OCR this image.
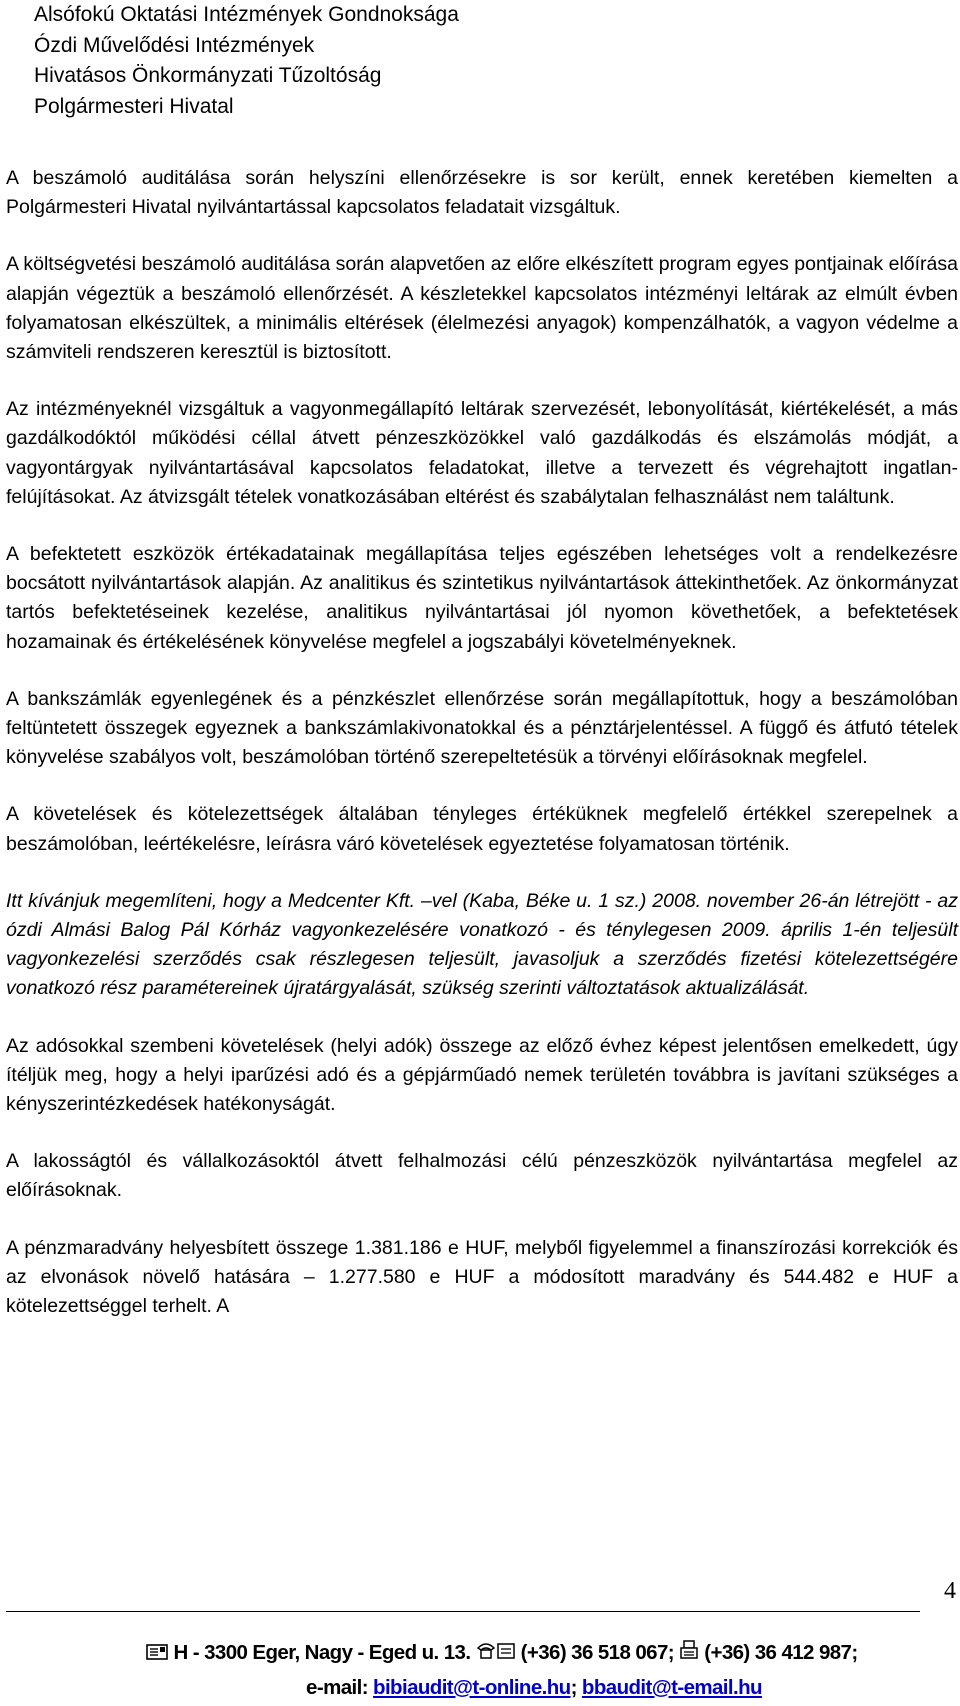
Alsófokú Oktatási Intézmények Gondnoksága
Ózdi Művelődési Intézmények
Hivatásos Önkormányzati Tűzoltóság
Polgármesteri Hivatal

A beszámoló auditálása során helyszíni ellenőrzésekre is sor került, ennek keretében kiemelten a Polgármesteri Hivatal nyilvántartással kapcsolatos feladatait vizsgáltuk.

A költségvetési beszámoló auditálása során alapvetően az előre elkészített program egyes pontjainak előírása alapján végeztük a beszámoló ellenőrzését. A készletekkel kapcsolatos intézményi leltárak az elmúlt évben folyamatosan elkészültek, a minimális eltérések (élelmezési anyagok) kompenzálhatók, a vagyon védelme a számviteli rendszeren keresztül is biztosított.

Az intézményeknél vizsgáltuk a vagyonmegállapító leltárak szervezését, lebonyolítását, kiértékelését, a más gazdálkodóktól működési céllal átvett pénzeszközökkel való gazdálkodás és elszámolás módját, a vagyontárgyak nyilvántartásával kapcsolatos feladatokat, illetve a tervezett és végrehajtott ingatlan-felújításokat. Az átvizsgált tételek vonatkozásában eltérést és szabálytalan felhasználást nem találtunk.

A befektetett eszközök értékadatainak megállapítása teljes egészében lehetséges volt a rendelkezésre bocsátott nyilvántartások alapján. Az analitikus és szintetikus nyilvántartások áttekinthetőek. Az önkormányzat tartós befektetéseinek kezelése, analitikus nyilvántartásai jól nyomon követhetőek, a befektetések hozamainak és értékelésének könyvelése megfelel a jogszabályi követelményeknek.

A bankszámlák egyenlegének és a pénzkészlet ellenőrzése során megállapítottuk, hogy a beszámolóban feltüntetett összegek egyeznek a bankszámlakivonatokkal és a pénztárjelentéssel. A függő és átfutó tételek könyvelése szabályos volt, beszámolóban történő szerepeltetésük a törvényi előírásoknak megfelel.

A követelések és kötelezettségek általában tényleges értéküknek megfelelő értékkel szerepelnek a beszámolóban, leértékelésre, leírásra váró követelések egyeztetése folyamatosan történik.

Itt kívánjuk megemlíteni, hogy a Medcenter Kft. –vel (Kaba, Béke u. 1 sz.) 2008. november 26-án létrejött - az ózdi Almási Balog Pál Kórház vagyonkezelésére vonatkozó - és ténylegesen 2009. április 1-én teljesült vagyonkezelési szerződés csak részlegesen teljesült, javasoljuk a szerződés fizetési kötelezettségére vonatkozó rész paramétereinek újratárgyalását, szükség szerinti változtatások aktualizálását.

Az adósokkal szembeni követelések (helyi adók) összege az előző évhez képest jelentősen emelkedett, úgy ítéljük meg, hogy a helyi iparűzési adó és a gépjárműadó nemek területén továbbra is javítani szükséges a kényszerintézkedések hatékonyságát.

A lakosságtól és vállalkozásoktól átvett felhalmozási célú pénzeszközök nyilvántartása megfelel az előírásoknak.

A pénzmaradvány helyesbített összege 1.381.186 e HUF, melyből figyelemmel a finanszírozási korrekciók és az elvonások növelő hatására – 1.277.580 e HUF a módosított maradvány és 544.482 e HUF a kötelezettséggel terhelt. A

4
H - 3300 Eger, Nagy - Eged u. 13. (+36) 36 518 067; (+36) 36 412 987;
e-mail: bibiaudit@t-online.hu; bbaudit@t-email.hu
